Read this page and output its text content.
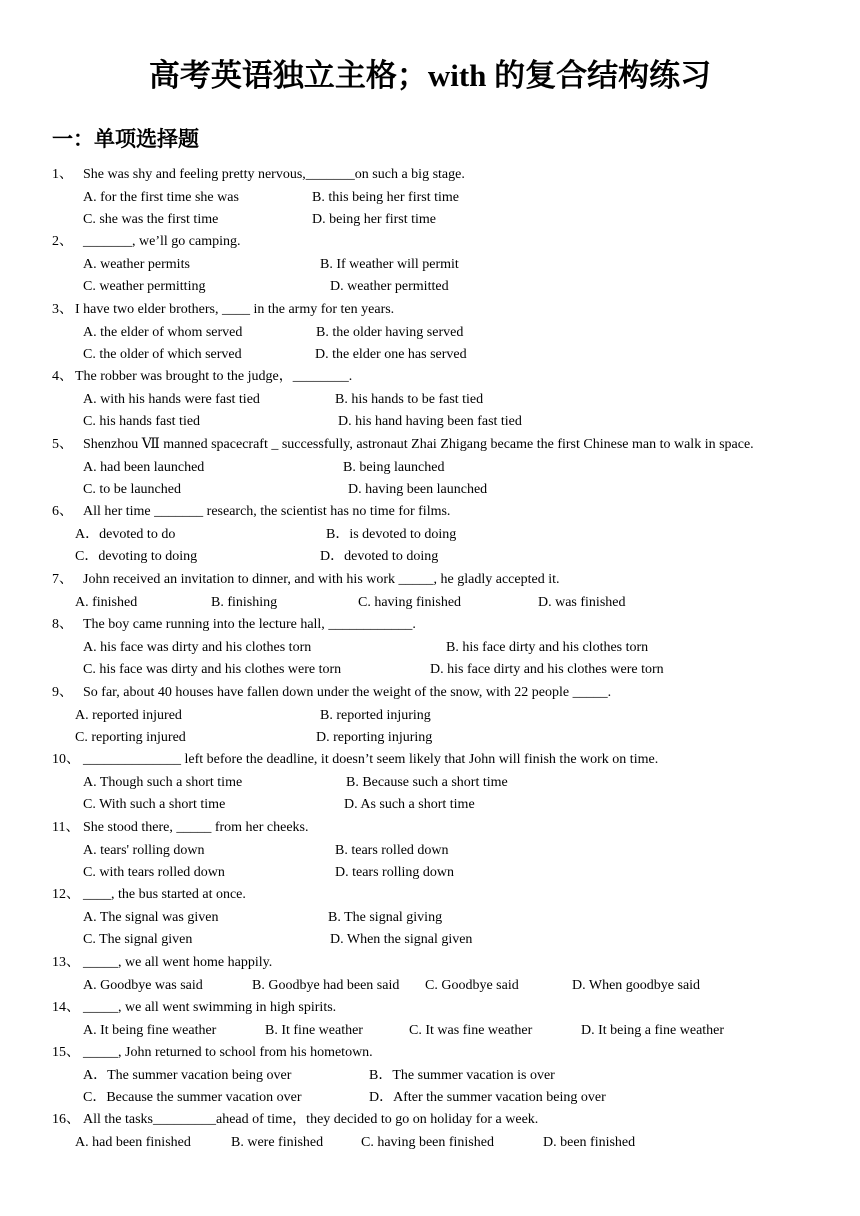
高考英语独立主格；with 的复合结构练习
一：单项选择题
1、 She was shy and feeling pretty nervous,_______on such a big stage.
A. for the first time she was	B. this being her first time
C. she was the first time	D. being her first time
2、 _______, we’ll go camping.
A. weather permits	B. If weather will permit
C. weather permitting	D. weather permitted
3、 I have two elder brothers, ____ in the army for ten years.
A. the elder of whom served	B. the older having served
C. the older of which served	D. the elder one has served
4、 The robber was brought to the judge，________.
A. with his hands were fast tied	B. his hands to be fast tied
C. his hands fast tied	D. his hand having been fast tied
5、 Shenzhou Ⅶ manned spacecraft _ successfully, astronaut Zhai Zhigang became the first Chinese man to walk in space.
A. had been launched	B. being launched
C. to be launched	D. having been launched
6、 All her time _______ research, the scientist has no time for films.
A．devoted to do	B．is devoted to doing
C．devoting to doing	D．devoted to doing
7、 John received an invitation to dinner, and with his work _____, he gladly accepted it.
A. finished	B. finishing	C. having finished	D. was finished
8、 The boy came running into the lecture hall, ____________.
A. his face was dirty and his clothes torn	B. his face dirty and his clothes torn
C. his face was dirty and his clothes were torn	D. his face dirty and his clothes were torn
9、 So far, about 40 houses have fallen down under the weight of the snow, with 22 people _____.
A. reported injured	B. reported injuring
C. reporting injured	D. reporting injuring
10、 ______________ left before the deadline, it doesn’t seem likely that John will finish the work on time.
A. Though such a short time	B. Because such a short time
C. With such a short time	D. As such a short time
11、 She stood there, _____ from her cheeks.
A. tears' rolling down	B. tears rolled down
C. with tears rolled down	D. tears rolling down
12、 ____, the bus started at once.
A. The signal was given	B. The signal giving
C. The signal given	D. When the signal given
13、 _____, we all went home happily.
A. Goodbye was said	B. Goodbye had been said C. Goodbye said	D. When goodbye said
14、 _____, we all went swimming in high spirits.
A. It being fine weather	B. It fine weather	C. It was fine weather	D. It being a fine weather
15、 _____, John returned to school from his hometown.
A．The summer vacation being over	B．The summer vacation is over
C．Because the summer vacation over	D．After the summer vacation being over
16、 All the tasks_________ahead of time，they decided to go on holiday for a week.
A. had been finished	B. were finished	C. having been finished	D. been finished
